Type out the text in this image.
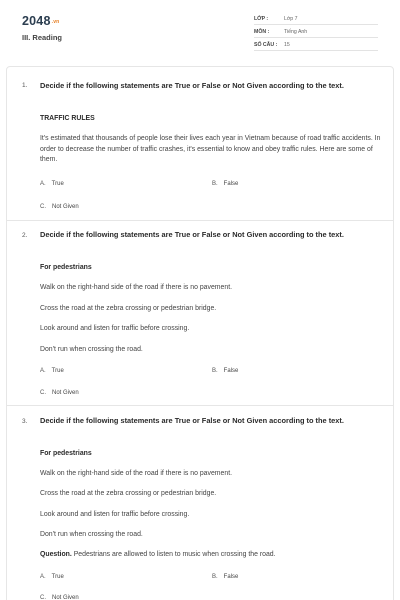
2048.vn
III. Reading
LỚP :	Lớp 7
MÔN :	Tiếng Anh
SỐ CÂU : 15
1. Decide if the following statements are True or False or Not Given according to the text.
TRAFFIC RULES
It's estimated that thousands of people lose their lives each year in Vietnam because of road traffic accidents. In order to decrease the number of traffic crashes, it's essential to know and obey traffic rules. Here are some of them.
A. True	B. False
C. Not Given
2. Decide if the following statements are True or False or Not Given according to the text.
For pedestrians
Walk on the right-hand side of the road if there is no pavement.
Cross the road at the zebra crossing or pedestrian bridge.
Look around and listen for traffic before crossing.
Don't run when crossing the road.
A. True	B. False
C. Not Given
3. Decide if the following statements are True or False or Not Given according to the text.
For pedestrians
Walk on the right-hand side of the road if there is no pavement.
Cross the road at the zebra crossing or pedestrian bridge.
Look around and listen for traffic before crossing.
Don't run when crossing the road.
Question. Pedestrians are allowed to listen to music when crossing the road.
A. True	B. False
C. Not Given
